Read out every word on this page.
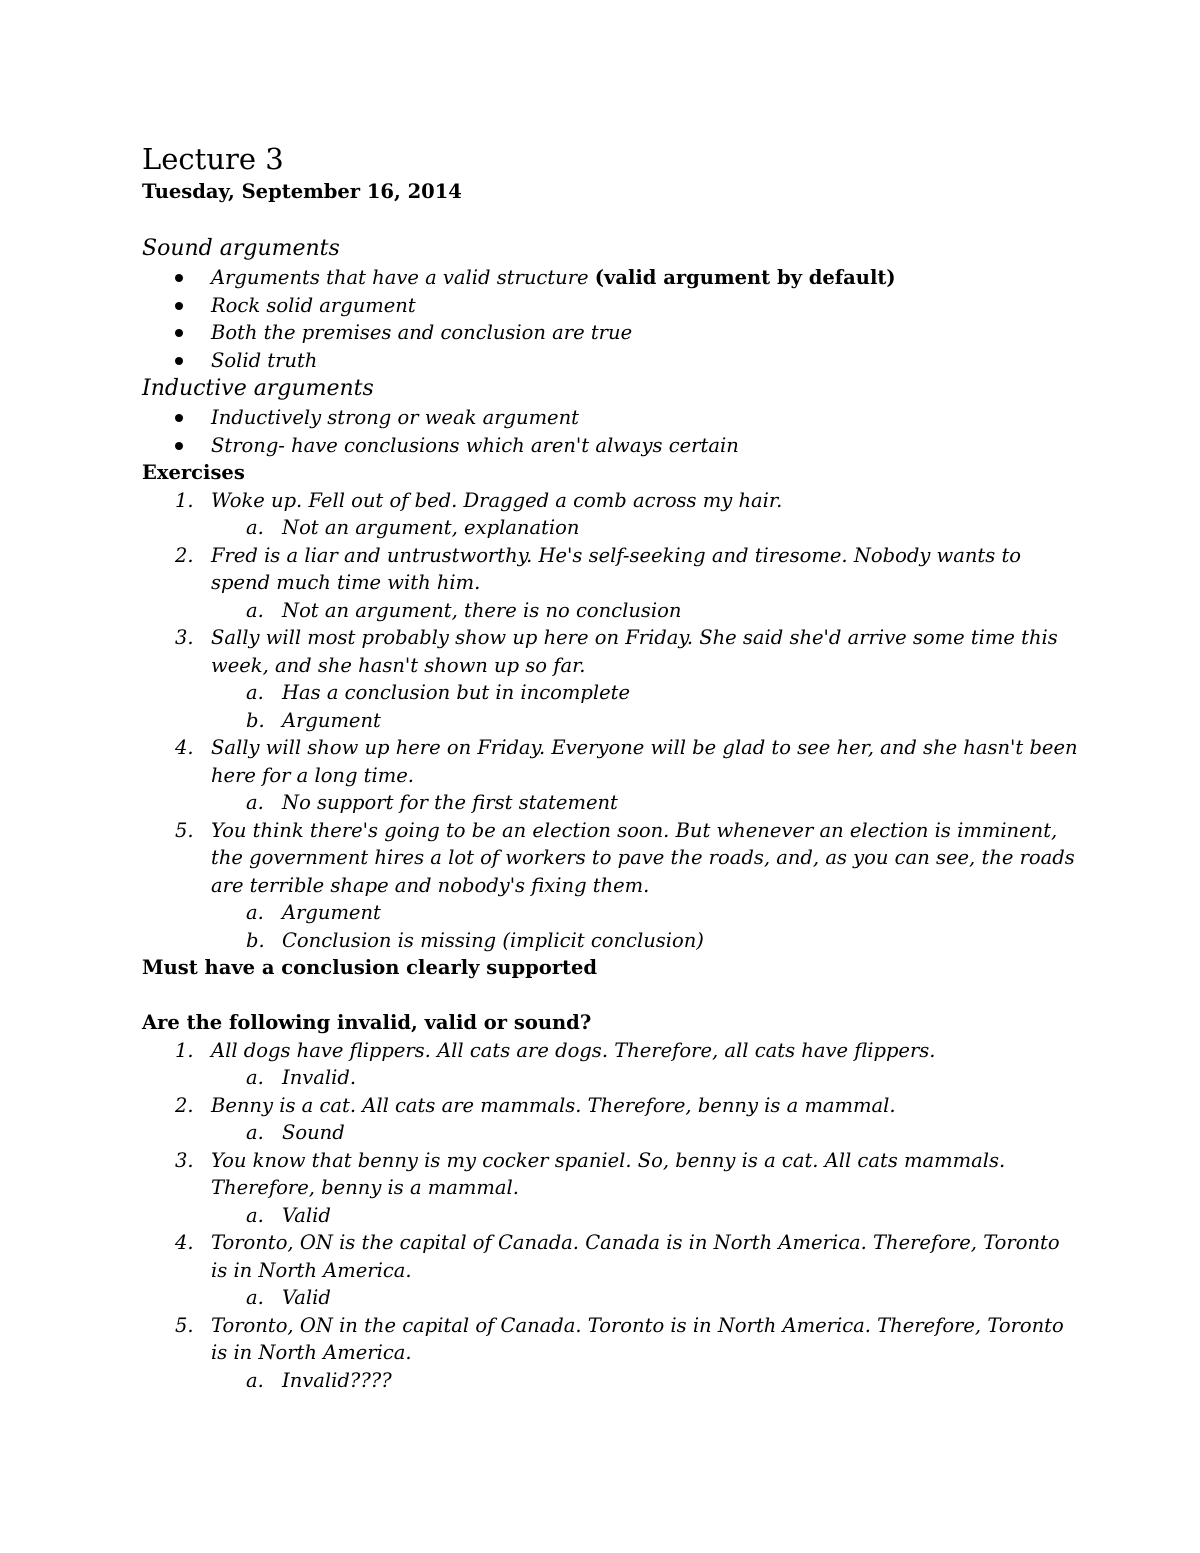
Lecture 3

Tuesday, September 16, 2014

Sound arguments

Arguments that have a valid structure (valid argument by default)
Rock solid argument
Both the premises and conclusion are true
Solid truth

Inductive arguments

Inductively strong or weak argument
Strong- have conclusions which aren't always certain

Exercises

1. Woke up. Fell out of bed. Dragged a comb across my hair.
a. Not an argument, explanation
2. Fred is a liar and untrustworthy. He's self-seeking and tiresome. Nobody wants to spend much time with him.
a. Not an argument, there is no conclusion
3. Sally will most probably show up here on Friday. She said she'd arrive some time this week, and she hasn't shown up so far.
a. Has a conclusion but in incomplete
b. Argument
4. Sally will show up here on Friday. Everyone will be glad to see her, and she hasn't been here for a long time.
a. No support for the first statement
5. You think there's going to be an election soon. But whenever an election is imminent, the government hires a lot of workers to pave the roads, and, as you can see, the roads are terrible shape and nobody's fixing them.
a. Argument
b. Conclusion is missing (implicit conclusion)

Must have a conclusion clearly supported

Are the following invalid, valid or sound?

1. All dogs have flippers. All cats are dogs. Therefore, all cats have flippers.
a. Invalid.
2. Benny is a cat. All cats are mammals. Therefore, benny is a mammal.
a. Sound
3. You know that benny is my cocker spaniel. So, benny is a cat. All cats mammals. Therefore, benny is a mammal.
a. Valid
4. Toronto, ON is the capital of Canada. Canada is in North America. Therefore, Toronto is in North America.
a. Valid
5. Toronto, ON in the capital of Canada. Toronto is in North America. Therefore, Toronto is in North America.
a. Invalid????
